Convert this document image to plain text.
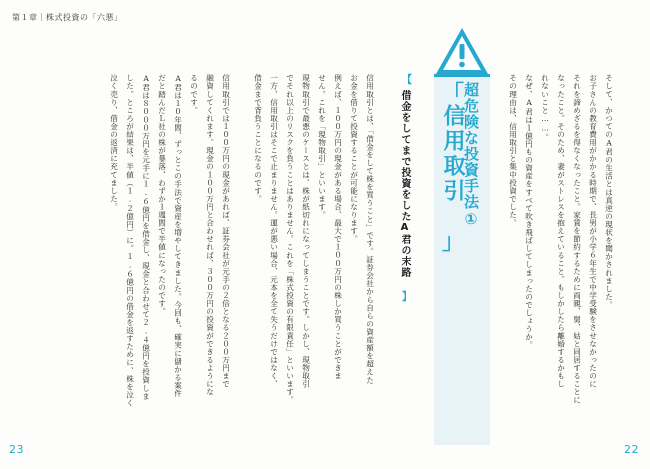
第１章｜株式投資の「六悪」
そして、かつてのA君の生活とは真逆の現状を聞かされました。
お子さんの教育費用がかかる時期で、長男が小学６年生で中学受験をさせなかったのに
それを諦めざるを得なくなったこと。家賃を節約するために両親、舅、姑と同居することに
なったこと。そのため、妻がストレスを抱えていること。もしかしたら離婚するかもし
れないこと……。
なぜ、A君は１億円もの資産をすべて吹き飛ばしてしまったのでしょうか。
その理由は、信用取引と集中投資でした。
超危険な投資手法①
「
信用取引
」
【
借金をしてまで投資をしたA君の末路
】
信用取引とは、「借金をして株を買うこと」です。証券会社から自らの資産額を超えた
お金を借りて投資することが可能になります。
例えば、１００万円の現金がある場合、最大で１００万円の株しか買うことができま
せん。これを「現物取引」といいます。
現物取引で最悪のケースとは、株が紙切れになってしまうことです。しかし、現物取引
でそれ以上のリスクを負うことはありません。これを「株式投資の有限責任」といいます。
一方、信用取引はそこで止まりません。運が悪い場合、元本を全て失うだけではなく、
借金まで背負うことになるのです。
信用取引では１００万円の現金があれば、証券会社が元手の２倍となる２００万円まで
融資してくれます。現金の１００万円と合わせれば、３００万円の投資ができるようにな
るのです。
A君は１０年間、ずっとこの手法で資産を増やしてきました。今回も、確実に儲かる案件
だと踏んだＬ社の株が暴落、わずか１週間で半値になったのです。
A君は８０００万円を元手に１.６億円を借金し、現金と合わせて２.４億円を投資しま
した。ところが結果は、半値（１.２億円）に。１.６億円の借金を返すために、株を泣く
泣く売り、借金の返済に充てました。
23	22
